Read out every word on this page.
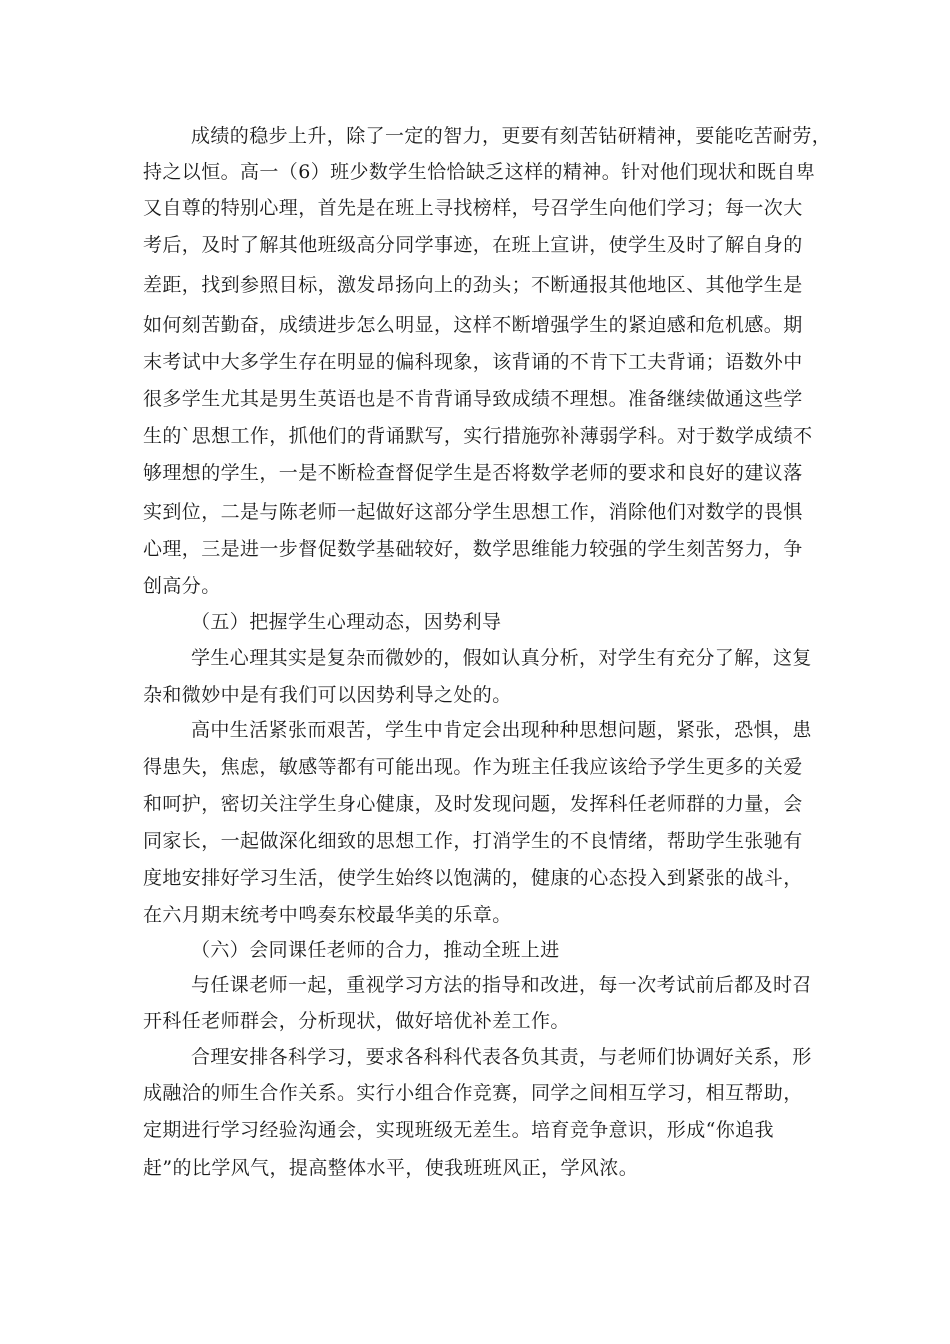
成绩的稳步上升，除了一定的智力，更要有刻苦钻研精神，要能吃苦耐劳，
持之以恒。高一（6）班少数学生恰恰缺乏这样的精神。针对他们现状和既自卑
又自尊的特别心理，首先是在班上寻找榜样，号召学生向他们学习；每一次大
考后，及时了解其他班级高分同学事迹，在班上宣讲，使学生及时了解自身的
差距，找到参照目标，激发昂扬向上的劲头；不断通报其他地区、其他学生是
如何刻苦勤奋，成绩进步怎么明显，这样不断增强学生的紧迫感和危机感。期
末考试中大多学生存在明显的偏科现象，该背诵的不肯下工夫背诵；语数外中
很多学生尤其是男生英语也是不肯背诵导致成绩不理想。准备继续做通这些学
生的`思想工作，抓他们的背诵默写，实行措施弥补薄弱学科。对于数学成绩不
够理想的学生，一是不断检查督促学生是否将数学老师的要求和良好的建议落
实到位，二是与陈老师一起做好这部分学生思想工作，消除他们对数学的畏惧
心理，三是进一步督促数学基础较好，数学思维能力较强的学生刻苦努力，争
创高分。
（五）把握学生心理动态，因势利导
学生心理其实是复杂而微妙的，假如认真分析，对学生有充分了解，这复
杂和微妙中是有我们可以因势利导之处的。
高中生活紧张而艰苦，学生中肯定会出现种种思想问题，紧张，恐惧，患
得患失，焦虑，敏感等都有可能出现。作为班主任我应该给予学生更多的关爱
和呵护，密切关注学生身心健康，及时发现问题，发挥科任老师群的力量，会
同家长，一起做深化细致的思想工作，打消学生的不良情绪，帮助学生张驰有
度地安排好学习生活，使学生始终以饱满的，健康的心态投入到紧张的战斗，
在六月期末统考中鸣奏东校最华美的乐章。
（六）会同课任老师的合力，推动全班上进
与任课老师一起，重视学习方法的指导和改进，每一次考试前后都及时召
开科任老师群会，分析现状，做好培优补差工作。
合理安排各科学习，要求各科科代表各负其责，与老师们协调好关系，形
成融洽的师生合作关系。实行小组合作竞赛，同学之间相互学习，相互帮助，
定期进行学习经验沟通会，实现班级无差生。培育竞争意识，形成“你追我
赶”的比学风气，提高整体水平，使我班班风正，学风浓。
